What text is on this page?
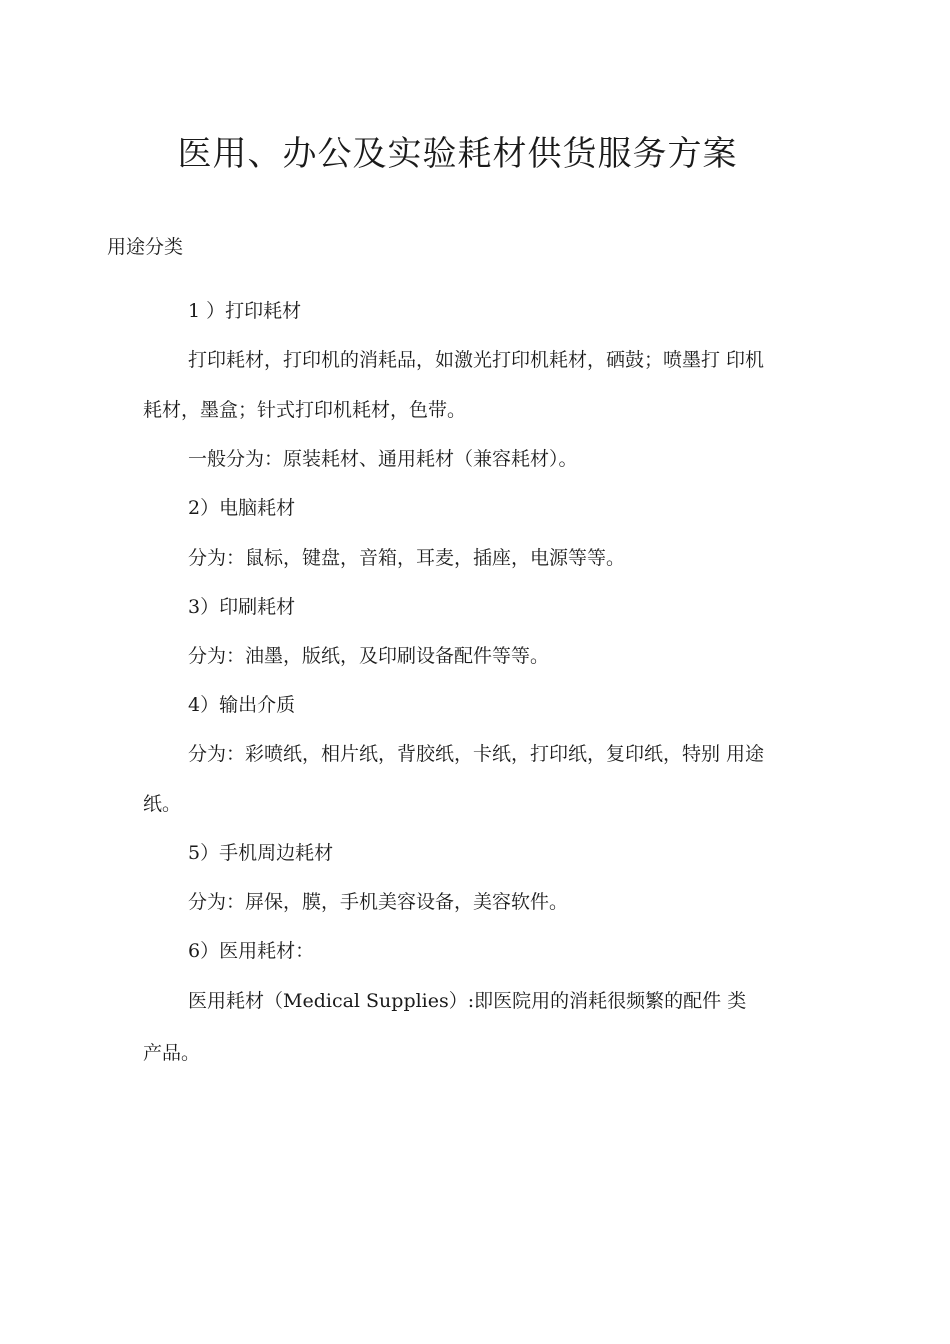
医用、办公及实验耗材供货服务方案

用途分类

1 ）打印耗材

打印耗材，打印机的消耗品，如激光打印机耗材，硒鼓；喷墨打 印机

耗材，墨盒；针式打印机耗材，色带。

一般分为：原装耗材、通用耗材（兼容耗材）。

2）电脑耗材

分为：鼠标，键盘，音箱，耳麦，插座，电源等等。

3）印刷耗材

分为：油墨，版纸，及印刷设备配件等等。

4）输出介质

分为：彩喷纸，相片纸，背胶纸，卡纸，打印纸，复印纸，特别 用途

纸。

5）手机周边耗材

分为：屏保，膜，手机美容设备，美容软件。

6）医用耗材：

医用耗材（Medical Supplies）:即医院用的消耗很频繁的配件 类

产品。
